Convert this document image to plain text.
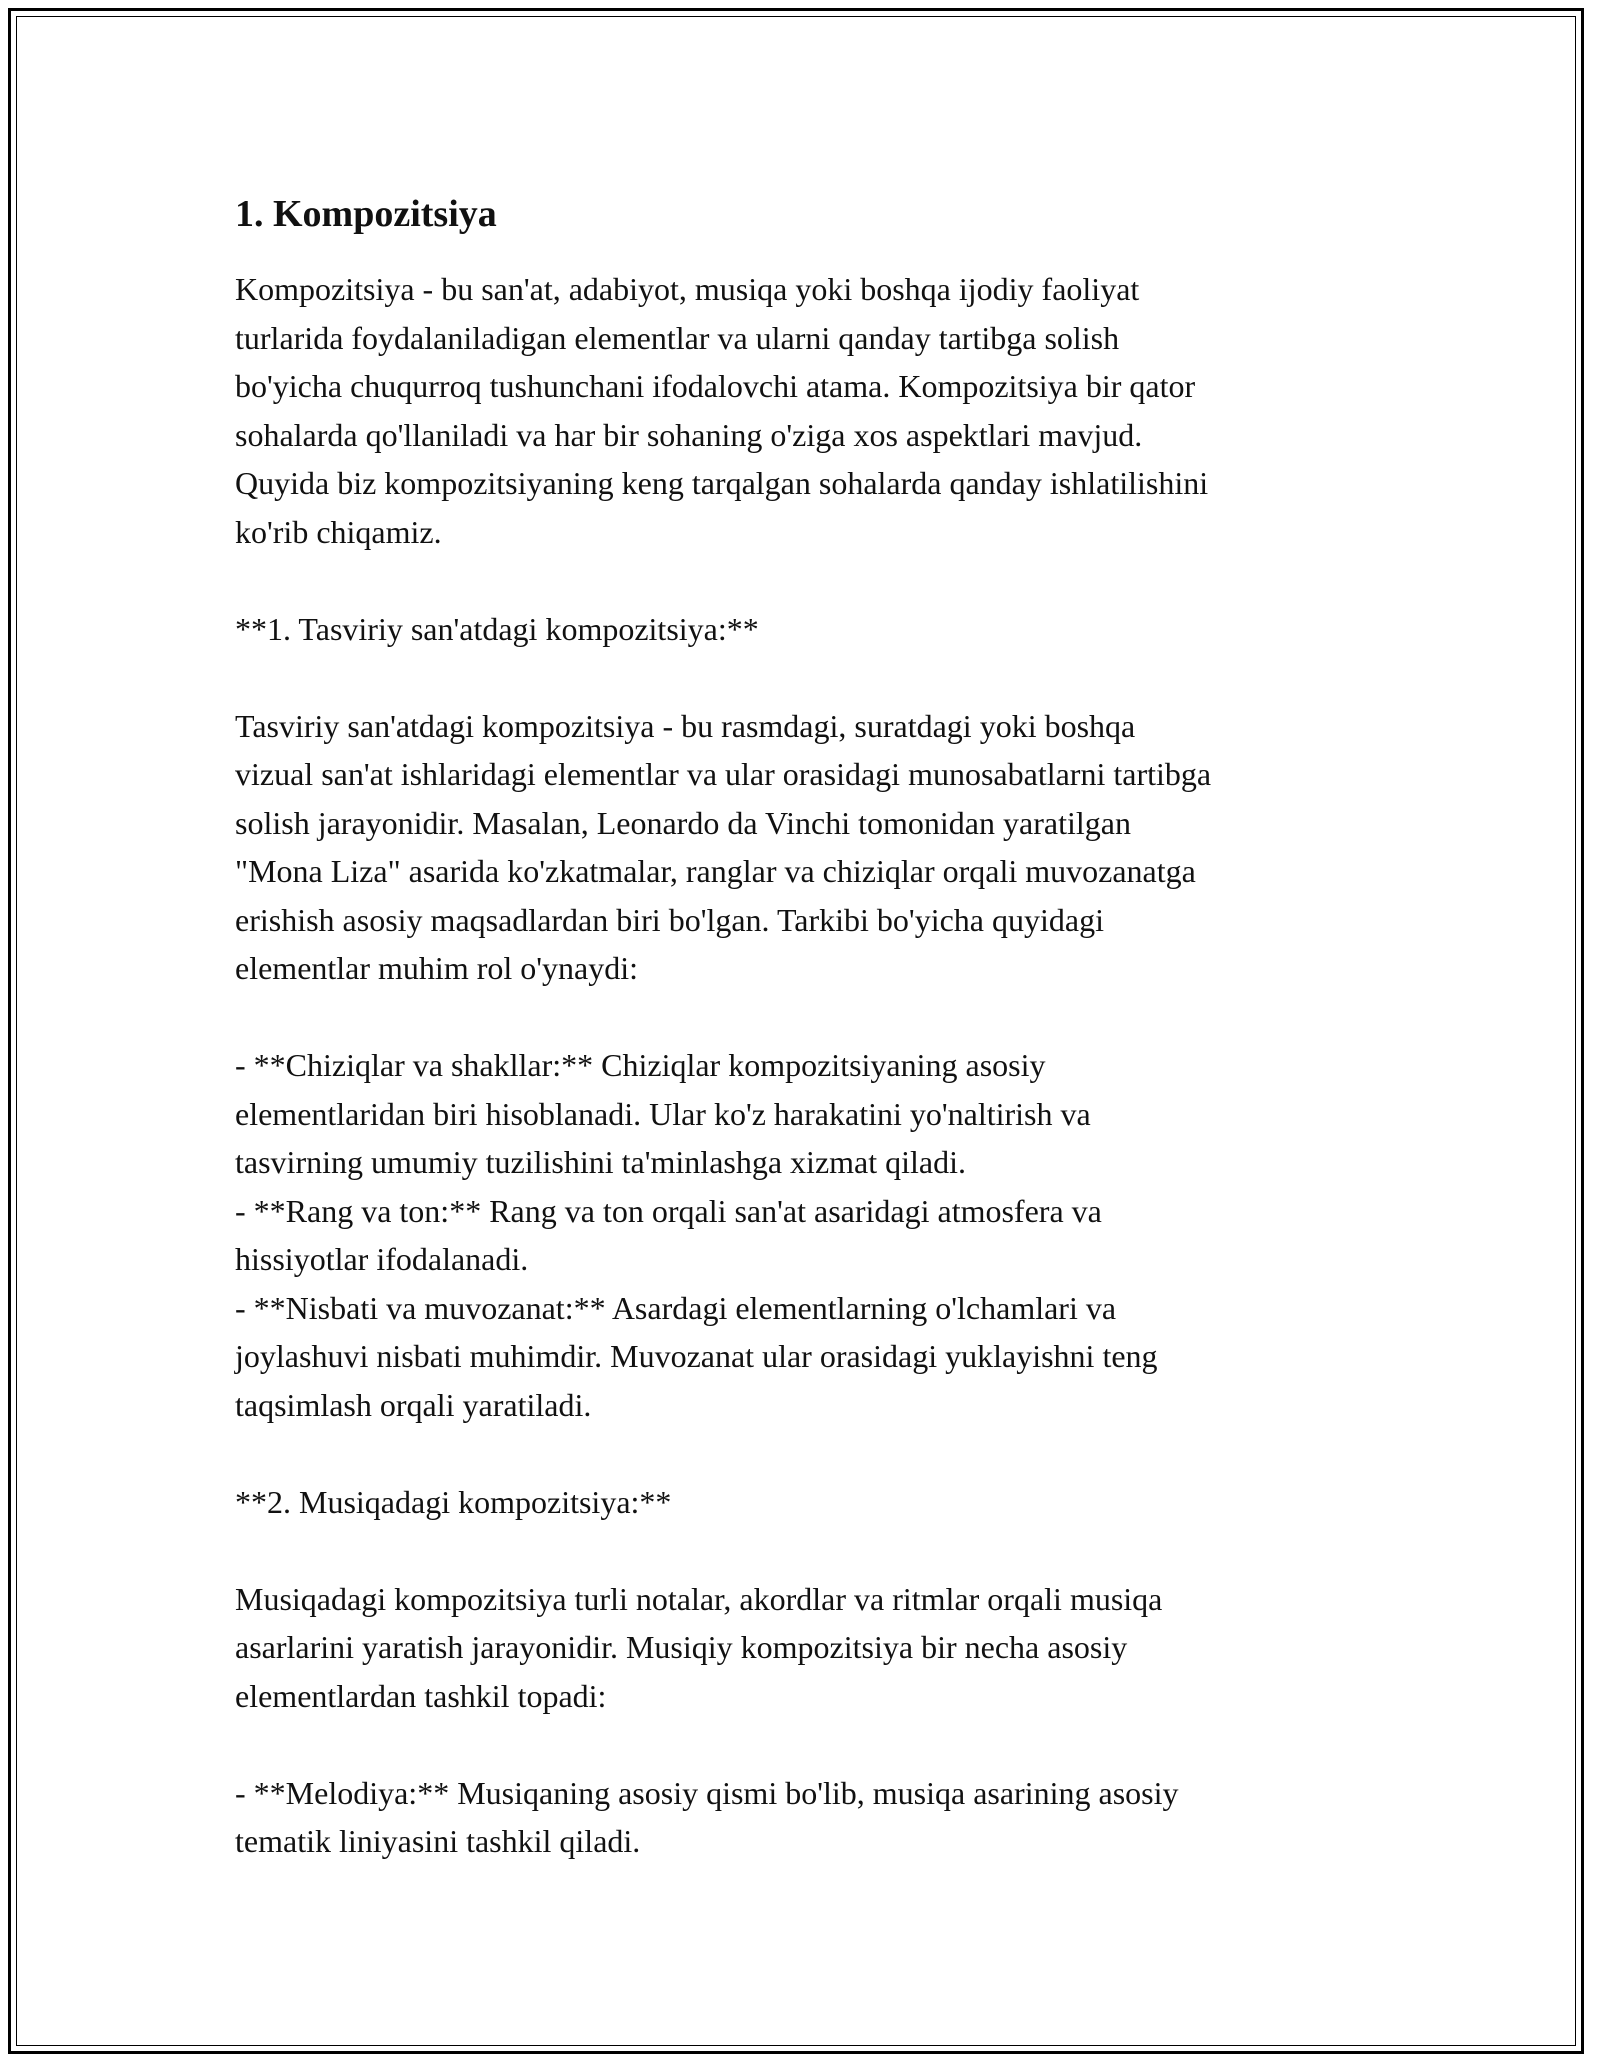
1. Kompozitsiya

Kompozitsiya - bu san'at, adabiyot, musiqa yoki boshqa ijodiy faoliyat
turlarida foydalaniladigan elementlar va ularni qanday tartibga solish
bo'yicha chuqurroq tushunchani ifodalovchi atama. Kompozitsiya bir qator
sohalarda qo'llaniladi va har bir sohaning o'ziga xos aspektlari mavjud.
Quyida biz kompozitsiyaning keng tarqalgan sohalarda qanday ishlatilishini
ko'rib chiqamiz.

**1. Tasviriy san'atdagi kompozitsiya:**

Tasviriy san'atdagi kompozitsiya - bu rasmdagi, suratdagi yoki boshqa
vizual san'at ishlaridagi elementlar va ular orasidagi munosabatlarni tartibga
solish jarayonidir. Masalan, Leonardo da Vinchi tomonidan yaratilgan
"Mona Liza" asarida ko'zkatmalar, ranglar va chiziqlar orqali muvozanatga
erishish asosiy maqsadlardan biri bo'lgan. Tarkibi bo'yicha quyidagi
elementlar muhim rol o'ynaydi:

- **Chiziqlar va shakllar:** Chiziqlar kompozitsiyaning asosiy
elementlaridan biri hisoblanadi. Ular ko'z harakatini yo'naltirish va
tasvirning umumiy tuzilishini ta'minlashga xizmat qiladi.
- **Rang va ton:** Rang va ton orqali san'at asaridagi atmosfera va
hissiyotlar ifodalanadi.
- **Nisbati va muvozanat:** Asardagi elementlarning o'lchamlari va
joylashuvi nisbati muhimdir. Muvozanat ular orasidagi yuklayishni teng
taqsimlash orqali yaratiladi.

**2. Musiqadagi kompozitsiya:**

Musiqadagi kompozitsiya turli notalar, akordlar va ritmlar orqali musiqa
asarlarini yaratish jarayonidir. Musiqiy kompozitsiya bir necha asosiy
elementlardan tashkil topadi:

- **Melodiya:** Musiqaning asosiy qismi bo'lib, musiqa asarining asosiy
tematik liniyasini tashkil qiladi.
